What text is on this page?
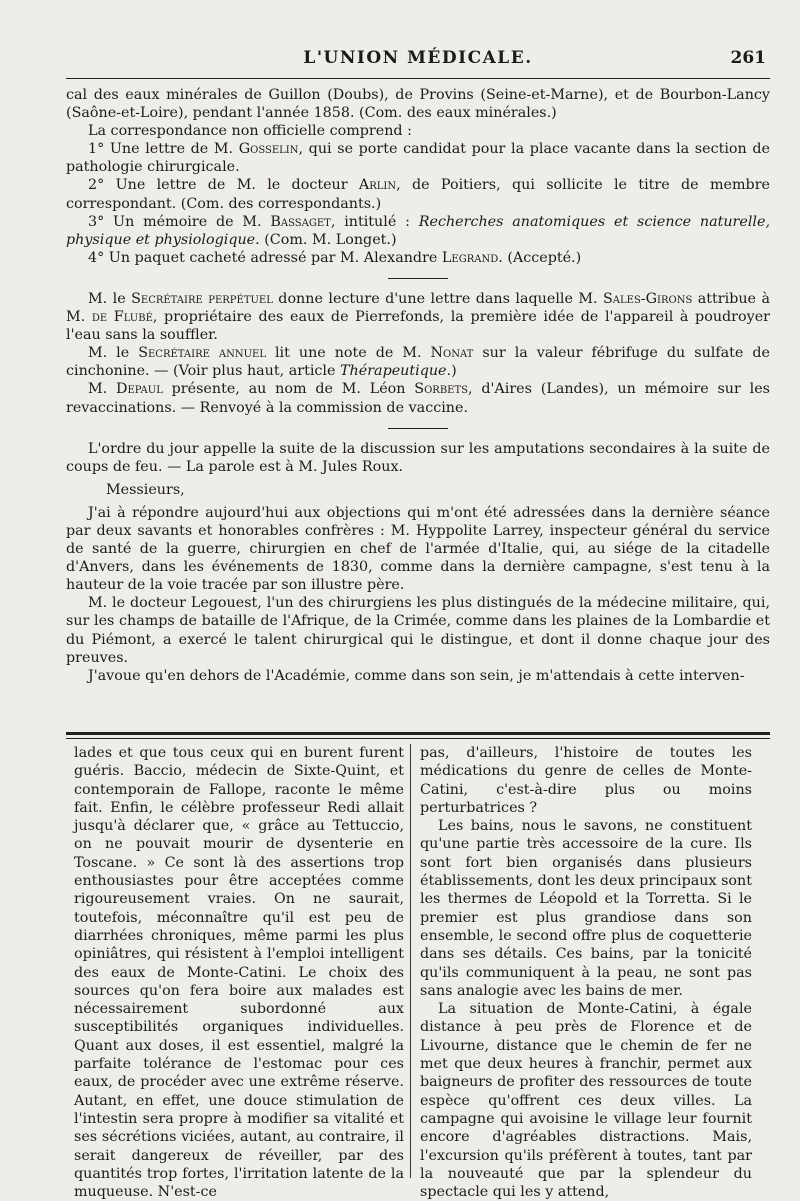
L'UNION MÉDICALE.	261

cal des eaux minérales de Guillon (Doubs), de Provins (Seine-et-Marne), et de Bourbon-Lancy (Saône-et-Loire), pendant l'année 1858. (Com. des eaux minérales.)

La correspondance non officielle comprend :

1° Une lettre de M. Gosselin, qui se porte candidat pour la place vacante dans la section de pathologie chirurgicale.

2° Une lettre de M. le docteur Arlin, de Poitiers, qui sollicite le titre de membre correspondant. (Com. des correspondants.)

3° Un mémoire de M. Bassaget, intitulé : Recherches anatomiques et science naturelle, physique et physiologique. (Com. M. Longet.)

4° Un paquet cacheté adressé par M. Alexandre Legrand. (Accepté.)

M. le Secrétaire perpétuel donne lecture d'une lettre dans laquelle M. Sales-Girons attribue à M. de Flubé, propriétaire des eaux de Pierrefonds, la première idée de l'appareil à poudroyer l'eau sans la souffler.

M. le Secrétaire annuel lit une note de M. Nonat sur la valeur fébrifuge du sulfate de cinchonine. — (Voir plus haut, article Thérapeutique.)

M. Depaul présente, au nom de M. Léon Sorbets, d'Aires (Landes), un mémoire sur les revaccinations. — Renvoyé à la commission de vaccine.

L'ordre du jour appelle la suite de la discussion sur les amputations secondaires à la suite de coups de feu. — La parole est à M. Jules Roux.

Messieurs,

J'ai à répondre aujourd'hui aux objections qui m'ont été adressées dans la dernière séance par deux savants et honorables confrères : M. Hyppolite Larrey, inspecteur général du service de santé de la guerre, chirurgien en chef de l'armée d'Italie, qui, au siége de la citadelle d'Anvers, dans les événements de 1830, comme dans la dernière campagne, s'est tenu à la hauteur de la voie tracée par son illustre père.

M. le docteur Legouest, l'un des chirurgiens les plus distingués de la médecine militaire, qui, sur les champs de bataille de l'Afrique, de la Crimée, comme dans les plaines de la Lombardie et du Piémont, a exercé le talent chirurgical qui le distingue, et dont il donne chaque jour des preuves.

J'avoue qu'en dehors de l'Académie, comme dans son sein, je m'attendais à cette interven-

lades et que tous ceux qui en burent furent guéris. Baccio, médecin de Sixte-Quint, et contemporain de Fallope, raconte le même fait. Enfin, le célèbre professeur Redi allait jusqu'à déclarer que, « grâce au Tettuccio, on ne pouvait mourir de dysenterie en Toscane. » Ce sont là des assertions trop enthousiastes pour être acceptées comme rigoureusement vraies. On ne saurait, toutefois, méconnaître qu'il est peu de diarrhées chroniques, même parmi les plus opiniâtres, qui résistent à l'emploi intelligent des eaux de Monte-Catini. Le choix des sources qu'on fera boire aux malades est nécessairement subordonné aux susceptibilités organiques individuelles. Quant aux doses, il est essentiel, malgré la parfaite tolérance de l'estomac pour ces eaux, de procéder avec une extrême réserve. Autant, en effet, une douce stimulation de l'intestin sera propre à modifier sa vitalité et ses sécrétions viciées, autant, au contraire, il serait dangereux de réveiller, par des quantités trop fortes, l'irritation latente de la muqueuse. N'est-ce

pas, d'ailleurs, l'histoire de toutes les médications du genre de celles de Monte-Catini, c'est-à-dire plus ou moins perturbatrices ?

Les bains, nous le savons, ne constituent qu'une partie très accessoire de la cure. Ils sont fort bien organisés dans plusieurs établissements, dont les deux principaux sont les thermes de Léopold et la Torretta. Si le premier est plus grandiose dans son ensemble, le second offre plus de coquetterie dans ses détails. Ces bains, par la tonicité qu'ils communiquent à la peau, ne sont pas sans analogie avec les bains de mer.

La situation de Monte-Catini, à égale distance à peu près de Florence et de Livourne, distance que le chemin de fer ne met que deux heures à franchir, permet aux baigneurs de profiter des ressources de toute espèce qu'offrent ces deux villes. La campagne qui avoisine le village leur fournit encore d'agréables distractions. Mais, l'excursion qu'ils préfèrent à toutes, tant par la nouveauté que par la splendeur du spectacle qui les y attend,
